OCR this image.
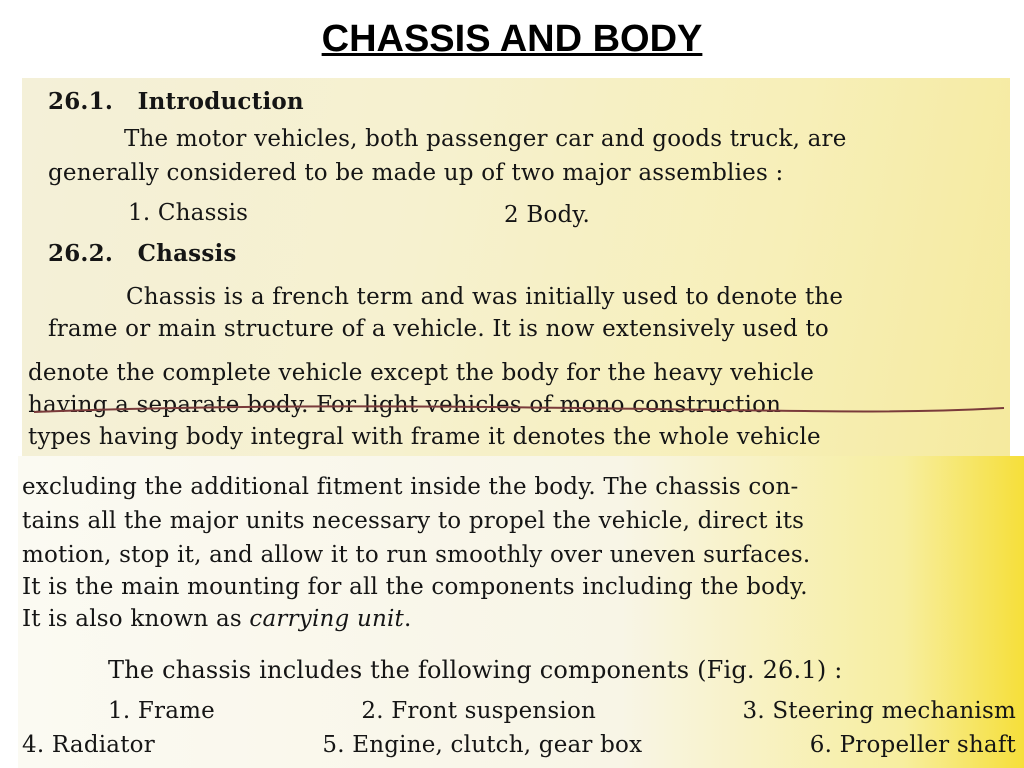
CHASSIS AND BODY
26.1. Introduction
The motor vehicles, both passenger car and goods truck, are
generally considered to be made up of two major assemblies :
1. Chassis	2 Body.
26.2. Chassis
Chassis is a french term and was initially used to denote the
frame or main structure of a vehicle. It is now extensively used to
denote the complete vehicle except the body for the heavy vehicle
having a separate body. For light vehicles of mono construction
types having body integral with frame it denotes the whole vehicle
excluding the additional fitment inside the body. The chassis con-
tains all the major units necessary to propel the vehicle, direct its
motion, stop it, and allow it to run smoothly over uneven surfaces.
It is the main mounting for all the components including the body.
It is also known as carrying unit.
The chassis includes the following components (Fig. 26.1) :
1. Frame	2. Front suspension	3. Steering mechanism
4. Radiator	5. Engine, clutch, gear box	6. Propeller shaft
